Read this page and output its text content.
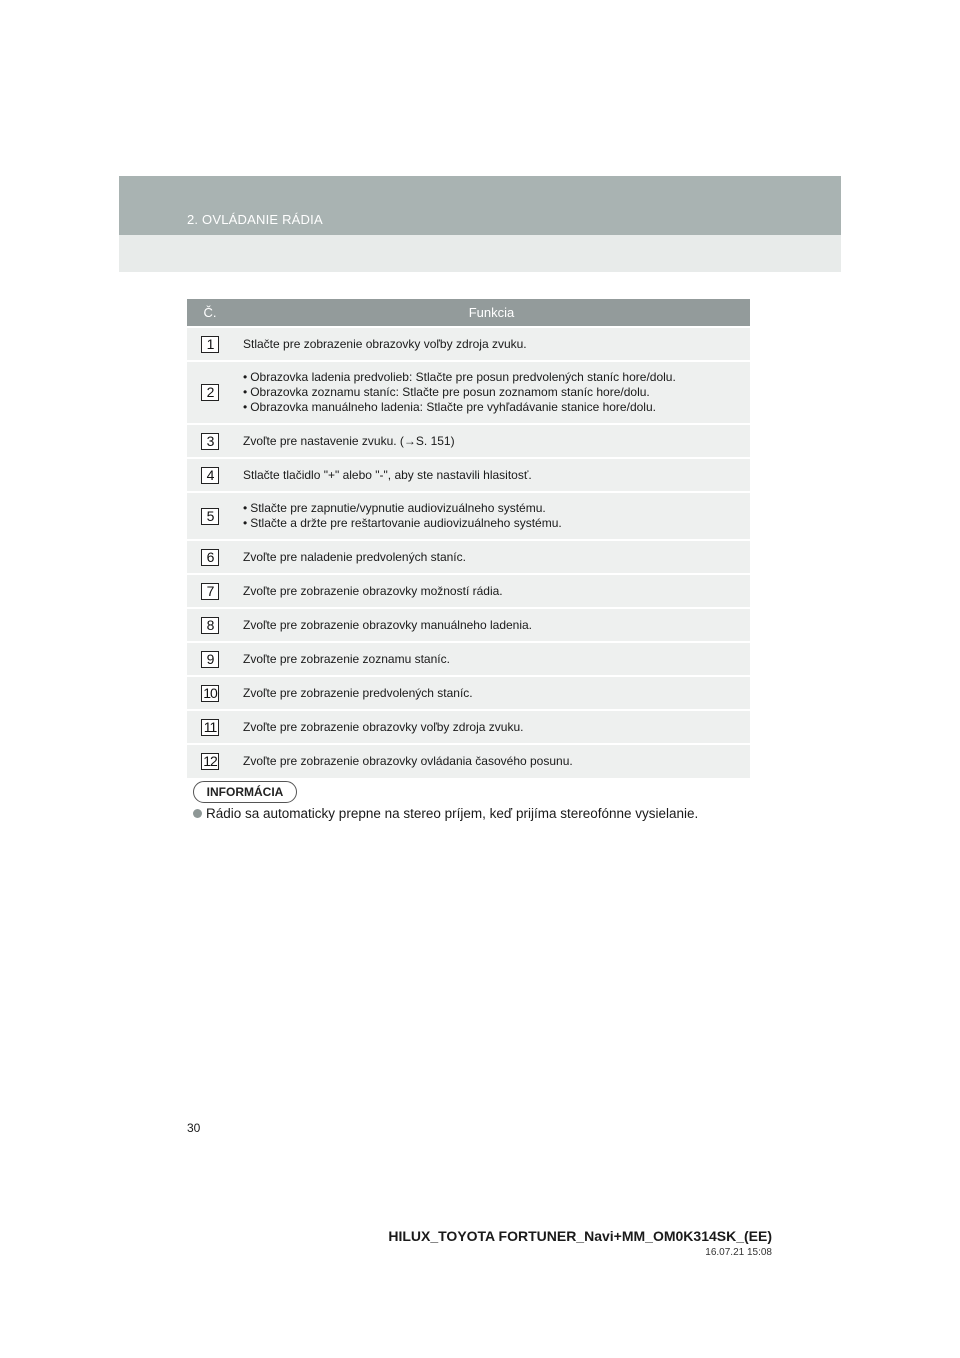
2. OVLÁDANIE RÁDIA
Č.	Funkcia
1	Stlačte pre zobrazenie obrazovky voľby zdroja zvuku.
2	• Obrazovka ladenia predvolieb: Stlačte pre posun predvolených staníc hore/dolu.
• Obrazovka zoznamu staníc: Stlačte pre posun zoznamom staníc hore/dolu.
• Obrazovka manuálneho ladenia: Stlačte pre vyhľadávanie stanice hore/dolu.

3	Zvoľte pre nastavenie zvuku. (→S. 151)
4	Stlačte tlačidlo "+" alebo "-", aby ste nastavili hlasitosť.
5	• Stlačte pre zapnutie/vypnutie audiovizuálneho systému.
• Stlačte a držte pre reštartovanie audiovizuálneho systému.

6	Zvoľte pre naladenie predvolených staníc.
7	Zvoľte pre zobrazenie obrazovky možností rádia.
8	Zvoľte pre zobrazenie obrazovky manuálneho ladenia.
9	Zvoľte pre zobrazenie zoznamu staníc.
10	Zvoľte pre zobrazenie predvolených staníc.
11	Zvoľte pre zobrazenie obrazovky voľby zdroja zvuku.
12	Zvoľte pre zobrazenie obrazovky ovládania časového posunu.
INFORMÁCIA
Rádio sa automaticky prepne na stereo príjem, keď prijíma stereofónne vysielanie.
30
HILUX_TOYOTA FORTUNER_Navi+MM_OM0K314SK_(EE)
16.07.21 15:08
